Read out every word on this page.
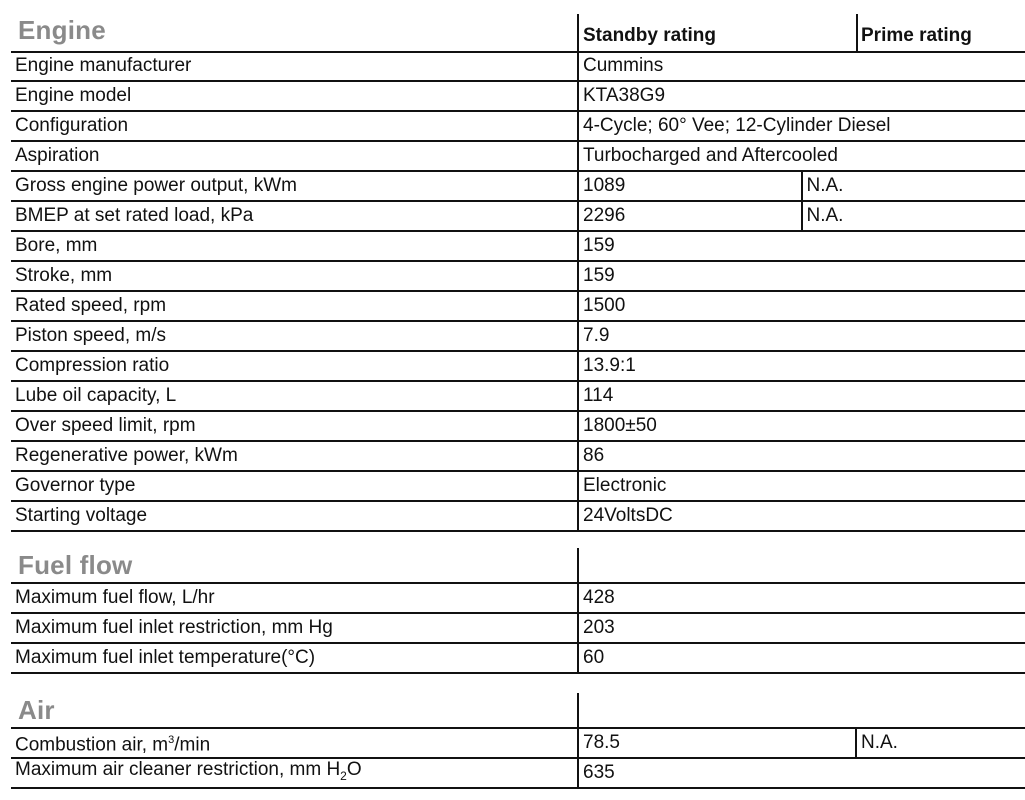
Engine	Standby rating	Prime rating
Engine manufacturer	Cummins	
Engine model	KTA38G9	
Configuration	4-Cycle; 60° Vee; 12-Cylinder Diesel	
Aspiration	Turbocharged and Aftercooled	
Gross engine power output, kWm	1089	N.A.
BMEP at set rated load, kPa	2296	N.A.
Bore, mm	159	
Stroke, mm	159	
Rated speed, rpm	1500	
Piston speed, m/s	7.9	
Compression ratio	13.9:1	
Lube oil capacity, L	114	
Over speed limit, rpm	1800±50	
Regenerative power, kWm	86	
Governor type	Electronic	
Starting voltage	24VoltsDC	
Fuel flow
Maximum fuel flow, L/hr	428
Maximum fuel inlet restriction, mm Hg	203
Maximum fuel inlet temperature(°C)	60
Air
Combustion air, $m^3/\min$	78.5	N.A.
Maximum air cleaner restriction, mm $H_2O$	635	
